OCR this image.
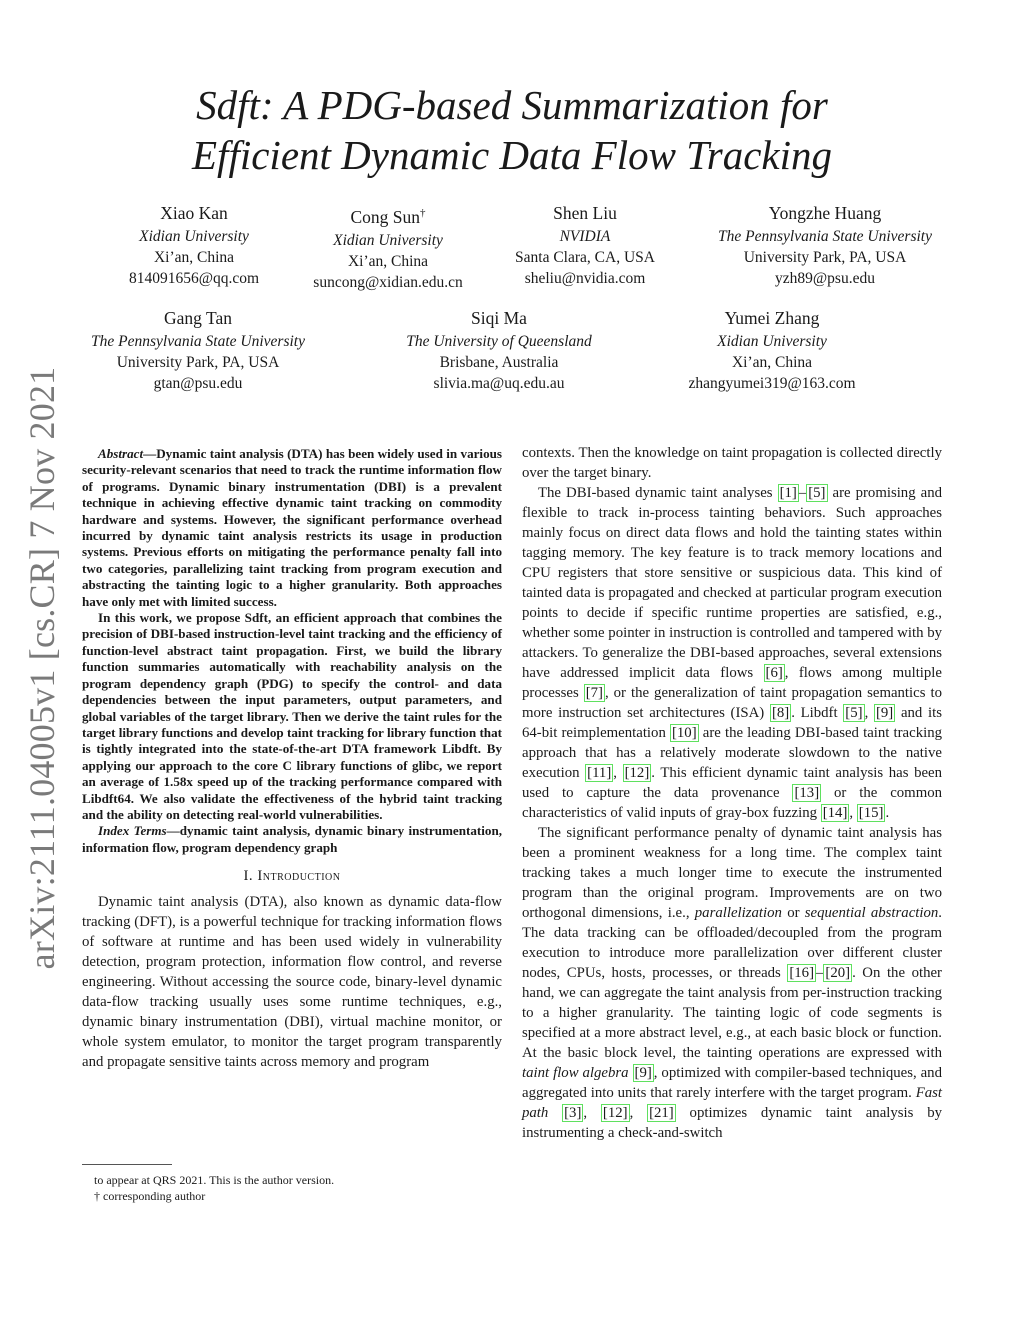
arXiv:2111.04005v1 [cs.CR] 7 Nov 2021
Sdft: A PDG-based Summarization for
Efficient Dynamic Data Flow Tracking
Xiao Kan
Xidian University
Xi’an, China
814091656@qq.com
Cong Sun†
Xidian University
Xi’an, China
suncong@xidian.edu.cn
Shen Liu
NVIDIA
Santa Clara, CA, USA
sheliu@nvidia.com
Yongzhe Huang
The Pennsylvania State University
University Park, PA, USA
yzh89@psu.edu
Gang Tan
The Pennsylvania State University
University Park, PA, USA
gtan@psu.edu
Siqi Ma
The University of Queensland
Brisbane, Australia
slivia.ma@uq.edu.au
Yumei Zhang
Xidian University
Xi’an, China
zhangyumei319@163.com

Abstract—Dynamic taint analysis (DTA) has been widely used in various security-relevant scenarios that need to track the runtime information flow of programs. Dynamic binary instrumentation (DBI) is a prevalent technique in achieving effective dynamic taint tracking on commodity hardware and systems. However, the significant performance overhead incurred by dynamic taint analysis restricts its usage in production systems. Previous efforts on mitigating the performance penalty fall into two categories, parallelizing taint tracking from program execution and abstracting the tainting logic to a higher granularity. Both approaches have only met with limited success.

In this work, we propose Sdft, an efficient approach that combines the precision of DBI-based instruction-level taint tracking and the efficiency of function-level abstract taint propagation. First, we build the library function summaries automatically with reachability analysis on the program dependency graph (PDG) to specify the control- and data dependencies between the input parameters, output parameters, and global variables of the target library. Then we derive the taint rules for the target library functions and develop taint tracking for library function that is tightly integrated into the state-of-the-art DTA framework Libdft. By applying our approach to the core C library functions of glibc, we report an average of 1.58x speed up of the tracking performance compared with Libdft64. We also validate the effectiveness of the hybrid taint tracking and the ability on detecting real-world vulnerabilities.

Index Terms—dynamic taint analysis, dynamic binary instrumentation, information flow, program dependency graph

I. Introduction

Dynamic taint analysis (DTA), also known as dynamic data-flow tracking (DFT), is a powerful technique for tracking information flows of software at runtime and has been used widely in vulnerability detection, program protection, information flow control, and reverse engineering. Without accessing the source code, binary-level dynamic data-flow tracking usually uses some runtime techniques, e.g., dynamic binary instrumentation (DBI), virtual machine monitor, or whole system emulator, to monitor the target program transparently and propagate sensitive taints across memory and program

to appear at QRS 2021. This is the author version.
† corresponding author

contexts. Then the knowledge on taint propagation is collected directly over the target binary.

The DBI-based dynamic taint analyses [1] – [5] are promising and flexible to track in-process tainting behaviors. Such approaches mainly focus on direct data flows and hold the tainting states within tagging memory. The key feature is to track memory locations and CPU registers that store sensitive or suspicious data. This kind of tainted data is propagated and checked at particular program execution points to decide if specific runtime properties are satisfied, e.g., whether some pointer in instruction is controlled and tampered with by attackers. To generalize the DBI-based approaches, several extensions have addressed implicit data flows [6] , flows among multiple processes [7] , or the generalization of taint propagation semantics to more instruction set architectures (ISA) [8] . Libdft [5] , [9] and its 64-bit reimplementation [10] are the leading DBI-based taint tracking approach that has a relatively moderate slowdown to the native execution [11] , [12] . This efficient dynamic taint analysis has been used to capture the data provenance [13] or the common characteristics of valid inputs of gray-box fuzzing [14] , [15] .

The significant performance penalty of dynamic taint analysis has been a prominent weakness for a long time. The complex taint tracking takes a much longer time to execute the instrumented program than the original program. Improvements are on two orthogonal dimensions, i.e., parallelization or sequential abstraction. The data tracking can be offloaded/decoupled from the program execution to introduce more parallelization over different cluster nodes, CPUs, hosts, processes, or threads [16] – [20] . On the other hand, we can aggregate the taint analysis from per-instruction tracking to a higher granularity. The tainting logic of code segments is specified at a more abstract level, e.g., at each basic block or function. At the basic block level, the tainting operations are expressed with taint flow algebra [9] , optimized with compiler-based techniques, and aggregated into units that rarely interfere with the target program. Fast path [3] , [12] , [21] optimizes dynamic taint analysis by instrumenting a check-and-switch
